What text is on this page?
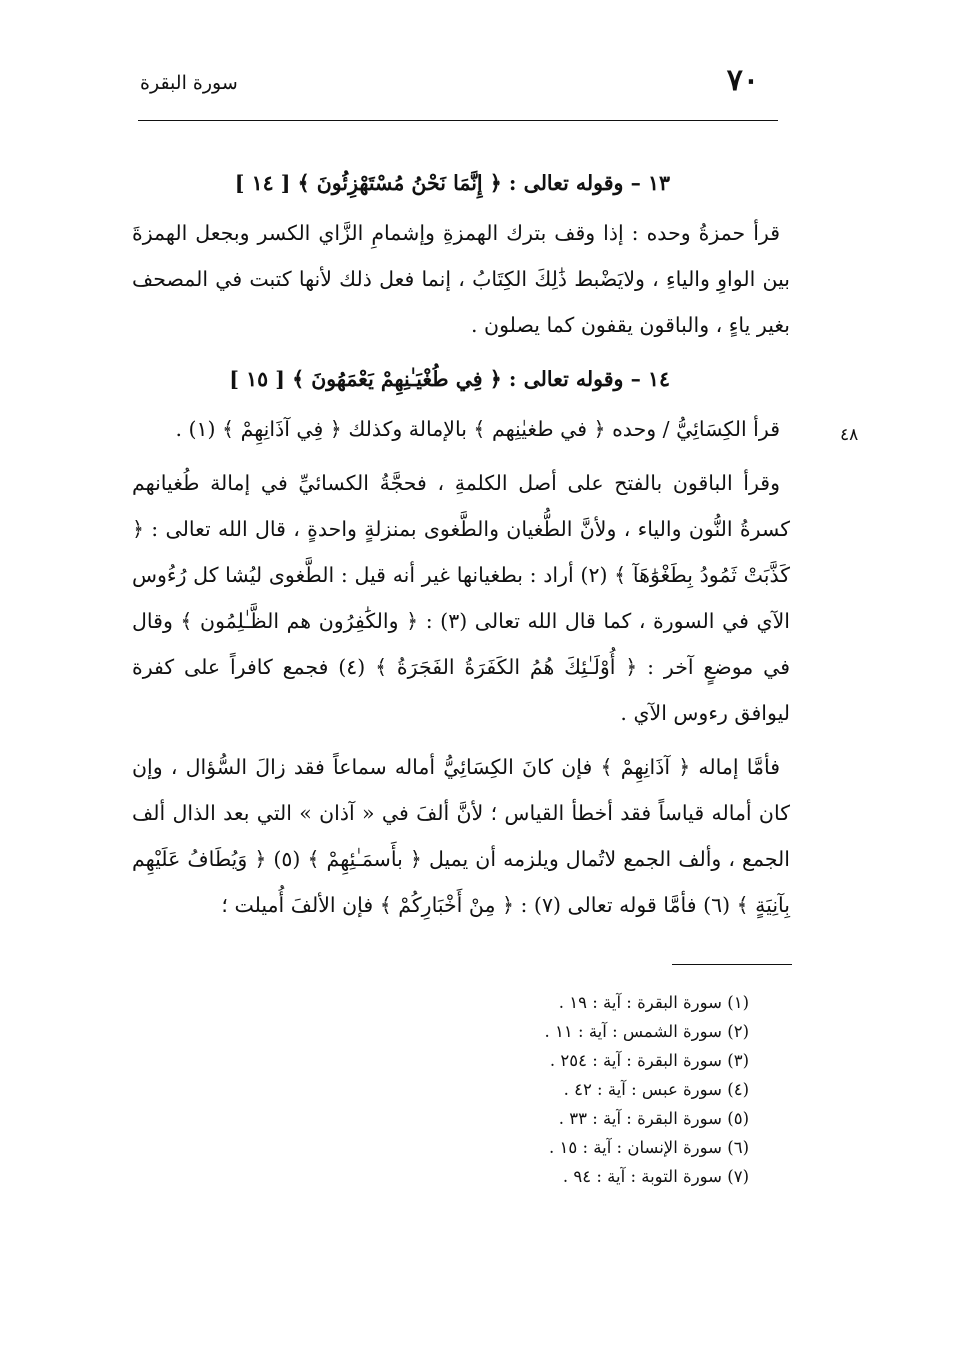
٧٠
سورة البقرة
٤٨

١٣ – وقوله تعالى : ﴿ إِنَّمَا نَحْنُ مُسْتَهْزِئُونَ ﴾ [ ١٤ ]

قرأ حمزةُ وحده : إذا وقف بترك الهمزةِ وإشمامِ الزَّاي الكسر وبجعل الهمزةَ بين الواوِ والياءِ ، ولايَضْبط ذَٰلِكَ الكِتَابُ ، إنما فعل ذلك لأنها كتبت في المصحف بغير ياءٍ ، والباقون يقفون كما يصلون .

١٤ – وقوله تعالى : ﴿ فِي طُغْيَـٰنِهِمْ يَعْمَهُونَ ﴾ [ ١٥ ]

قرأ الكِسَائِيُّ / وحده ﴿ في طغيٰنِهم ﴾ بالإمالة وكذلك ﴿ فِي آذَانِهِمْ ﴾ (١) .

وقرأ الباقون بالفتح على أصل الكلمةِ ، فحجَّةُ الكسائيِّ في إمالة طُغيانهم كسرةُ النُّون والياء ، ولأنَّ الطُّغيان والطَّغوى بمنزلةٍ واحدةٍ ، قال الله تعالى : ﴿ كَذَّبَتْ ثَمُودُ بِطَغْوَٰهَآ ﴾ (٢) أراد : بطغيانها غير أنه قيل : الطَّغوى ليُشا كل رُءُوس الآي في السورة ، كما قال الله تعالى (٣) : ﴿ والكَٰفِرُون هم الظَّـٰلِمُون ﴾ وقال في موضعٍ آخر : ﴿ أُوْلَـٰئِكَ هُمُ الكَفَرَةُ الفَجَرَةُ ﴾ (٤) فجمع كافراً على كفرة ليوافق رءوس الآي .

فأمَّا إماله ﴿ آذَانِهِمْ ﴾ فإن كانَ الكِسَائِيُّ أماله سماعاً فقد زالَ السُّؤال ، وإن كان أماله قياساً فقد أخطأ القياس ؛ لأنَّ ألفَ في « آذان » التي بعد الذال ألف الجمع ، وألف الجمع لاتُمال ويلزمه أن يميل ﴿ بأَسمَـٰئِهِمْ ﴾ (٥) ﴿ وَيُطَافُ عَلَيْهِم بِآنِيَةٍ ﴾ (٦) فأمَّا قوله تعالى (٧) : ﴿ مِنْ أَخْبَارِكُمْ ﴾ فإن الألفَ أُميلت ؛

(١) سورة البقرة : آية : ١٩ .
(٢) سورة الشمس : آية : ١١ .
(٣) سورة البقرة : آية : ٢٥٤ .
(٤) سورة عبس : آية : ٤٢ .
(٥) سورة البقرة : آية : ٣٣ .
(٦) سورة الإنسان : آية : ١٥ .
(٧) سورة التوبة : آية : ٩٤ .
